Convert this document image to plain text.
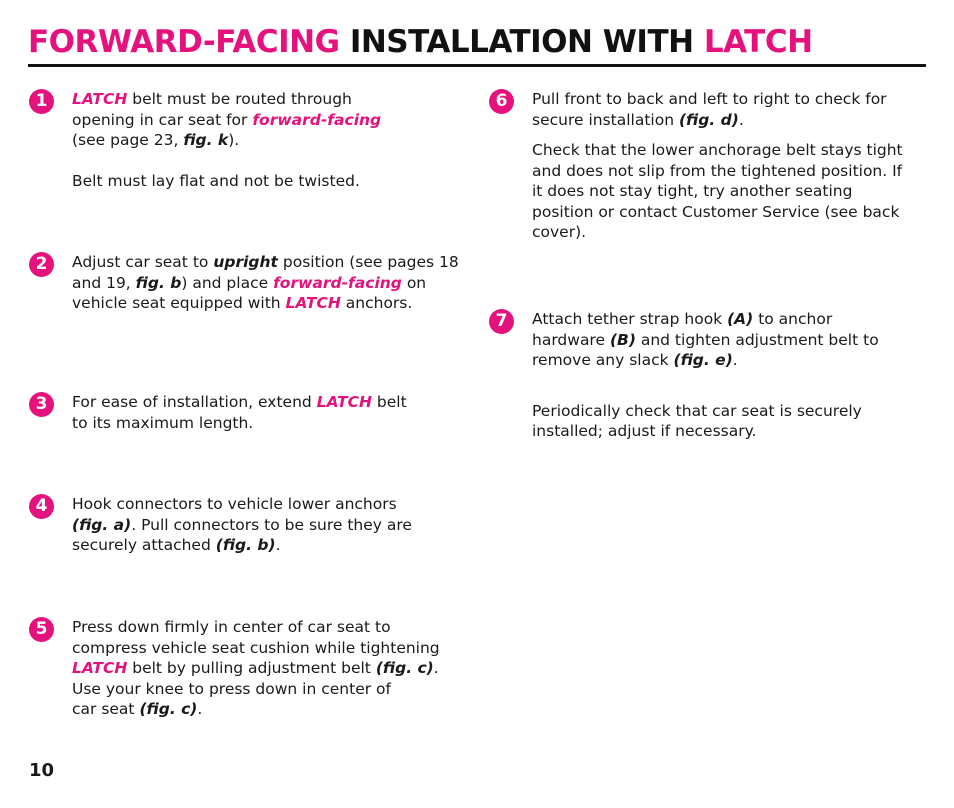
FORWARD-FACING INSTALLATION WITH LATCH
1	LATCH belt must be routed through
opening in car seat for forward-facing
(see page 23, fig. k).

Belt must lay flat and not be twisted.

2	Adjust car seat to upright position (see pages 18
and 19, fig. b) and place forward-facing on
vehicle seat equipped with LATCH anchors.

3	For ease of installation, extend LATCH belt
to its maximum length.

4	Hook connectors to vehicle lower anchors
(fig. a). Pull connectors to be sure they are
securely attached (fig. b).

5	Press down firmly in center of car seat to
compress vehicle seat cushion while tightening
LATCH belt by pulling adjustment belt (fig. c).
Use your knee to press down in center of
car seat (fig. c).

6	Pull front to back and left to right to check for
secure installation (fig. d).

Check that the lower anchorage belt stays tight and does not slip from the tightened position. If it does not stay tight, try another seating position or contact Customer Service (see back cover).

7	Attach tether strap hook (A) to anchor
hardware (B) and tighten adjustment belt to
remove any slack (fig. e).

Periodically check that car seat is securely installed; adjust if necessary.

10
